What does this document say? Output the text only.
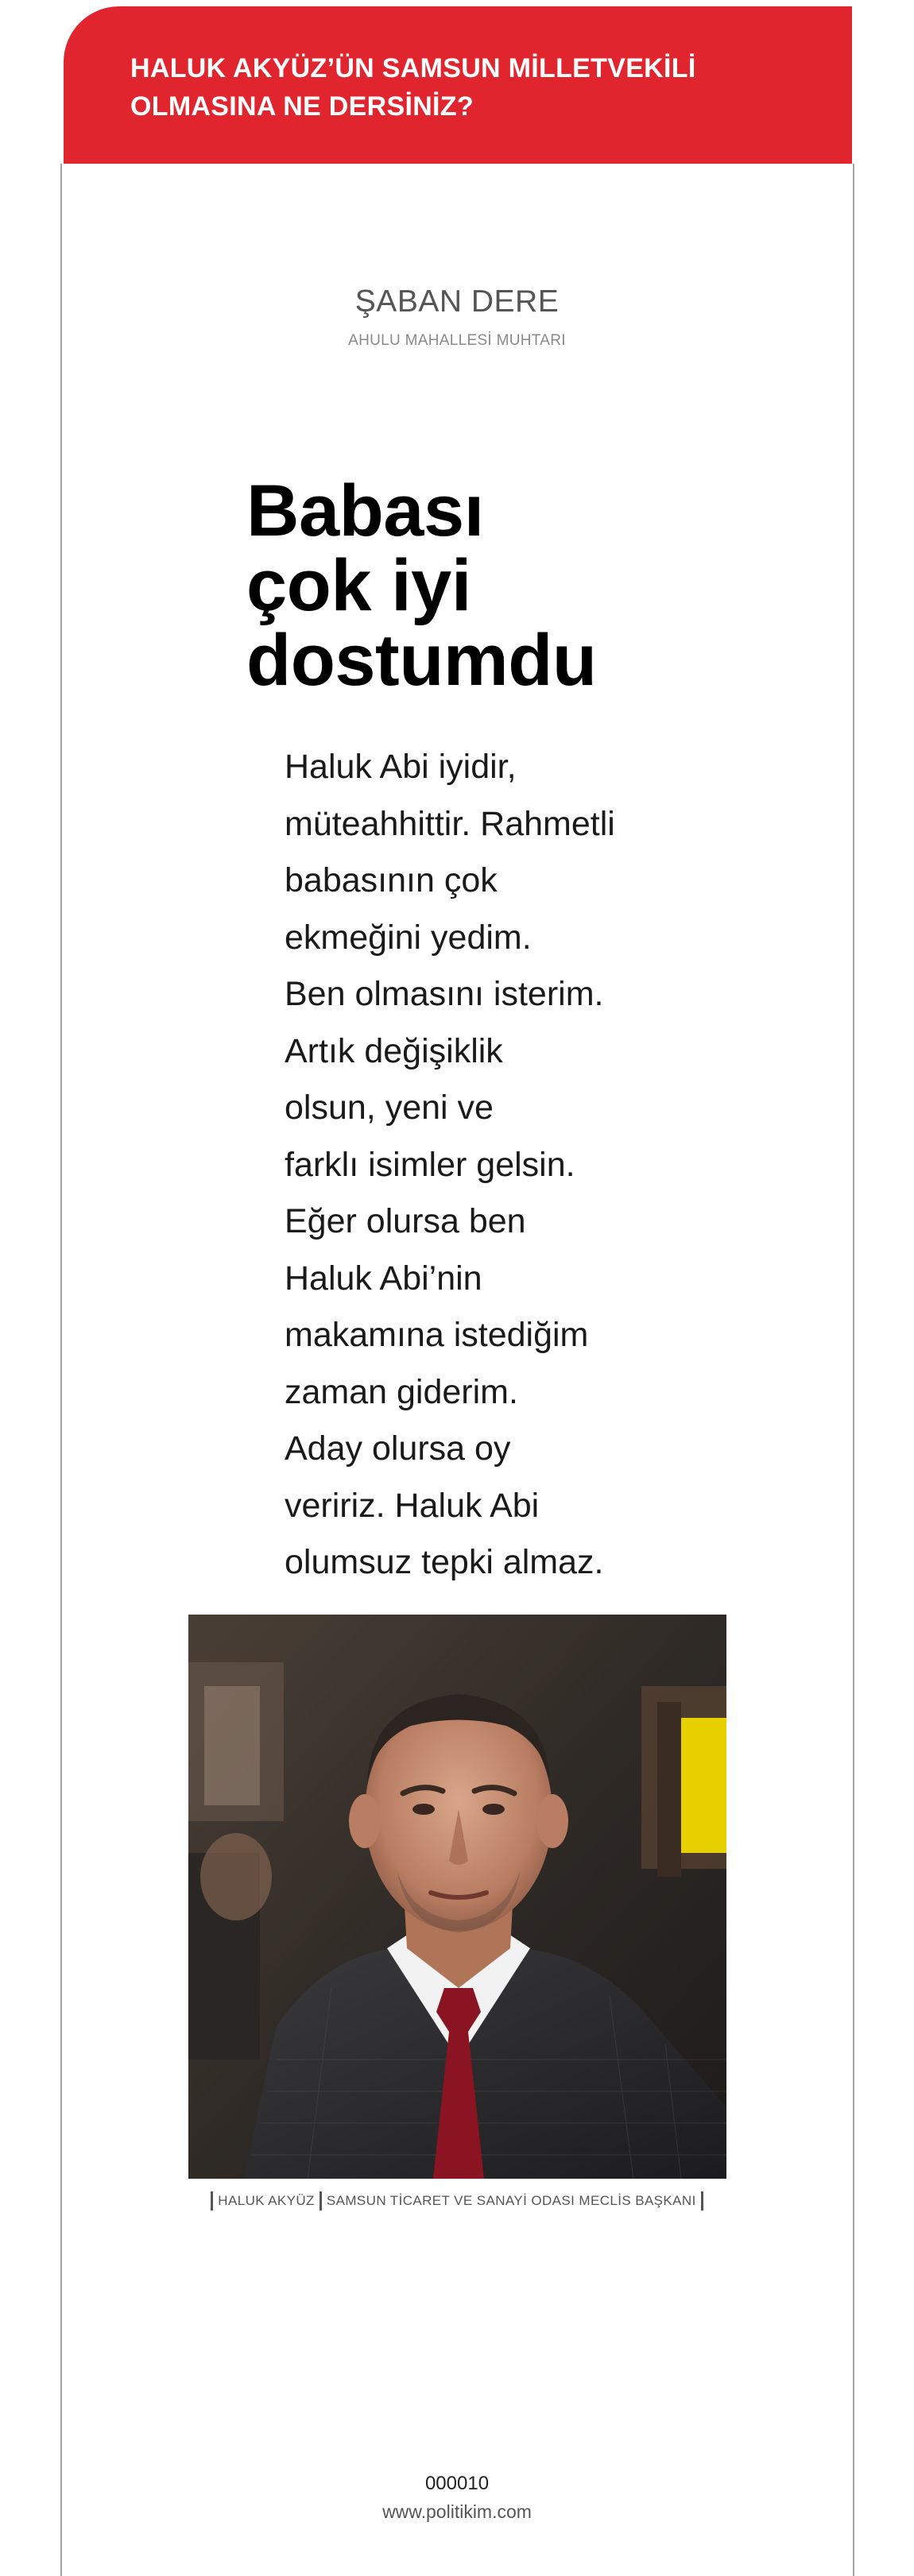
HALUK AKYÜZ’ÜN SAMSUN MİLLETVEKİLİ
OLMASINA NE DERSİNİZ?
ŞABAN DERE
AHULU MAHALLESİ MUHTARI
Babası
çok iyi
dostumdu
Haluk Abi iyidir,
müteahhittir. Rahmetli
babasının çok
ekmeğini yedim.
Ben olmasını isterim.
Artık değişiklik
olsun, yeni ve
farklı isimler gelsin.
Eğer olursa ben
Haluk Abi’nin
makamına istediğim
zaman giderim.
Aday olursa oy
veririz. Haluk Abi
olumsuz tepki almaz.
HALUK AKYÜZ SAMSUN TİCARET VE SANAYİ ODASI MECLİS BAŞKANI
000010
www.politikim.com
